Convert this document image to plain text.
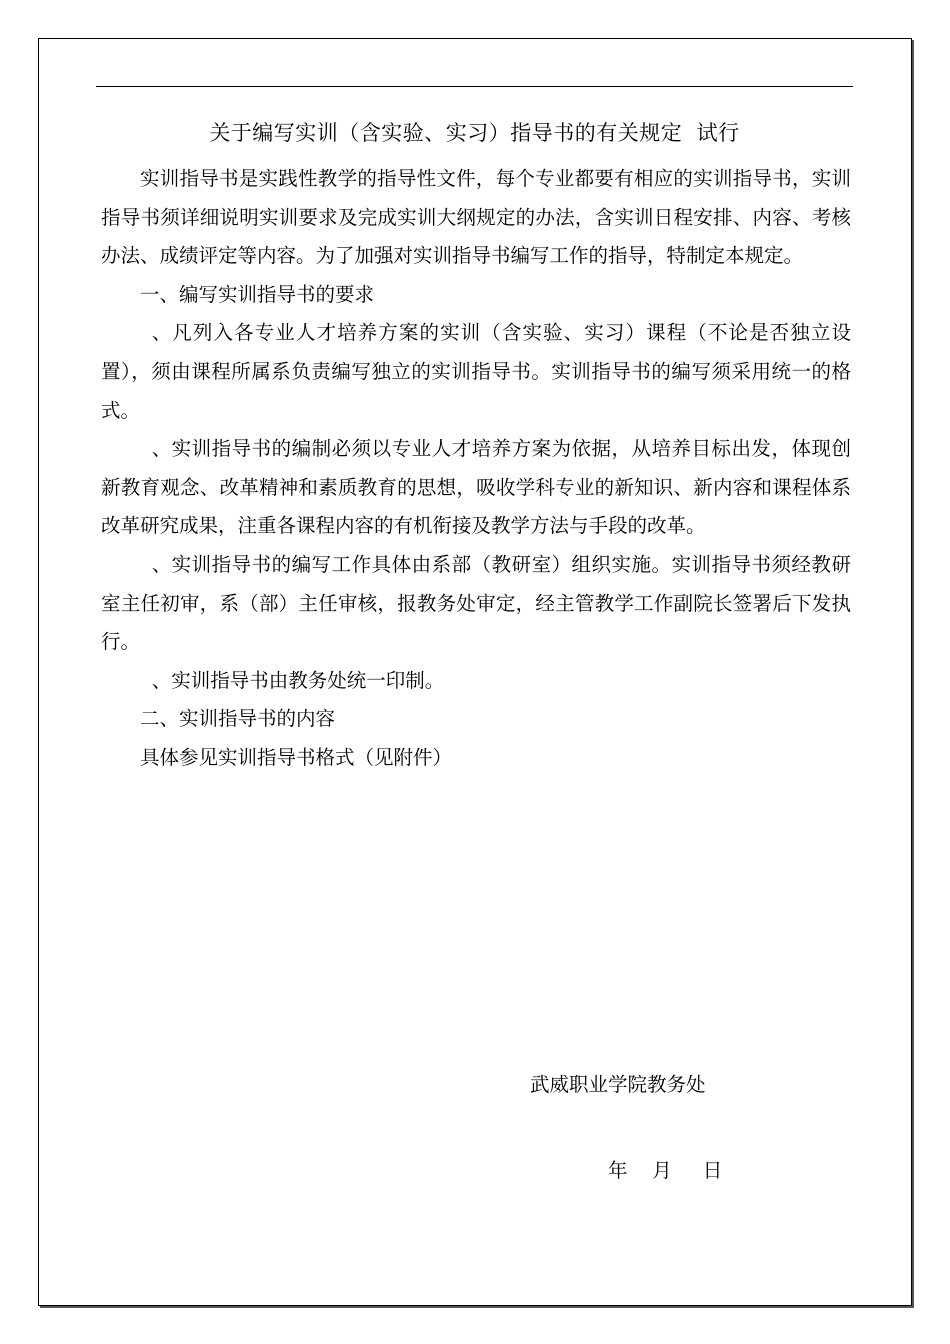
关于编写实训（含实验、实习）指导书的有关规定  试行

实训指导书是实践性教学的指导性文件，每个专业都要有相应的实训指导书，实训指导书须详细说明实训要求及完成实训大纲规定的办法，含实训日程安排、内容、考核办法、成绩评定等内容。为了加强对实训指导书编写工作的指导，特制定本规定。

一、编写实训指导书的要求

、凡列入各专业人才培养方案的实训（含实验、实习）课程（不论是否独立设置），须由课程所属系负责编写独立的实训指导书。实训指导书的编写须采用统一的格式。

、实训指导书的编制必须以专业人才培养方案为依据，从培养目标出发，体现创新教育观念、改革精神和素质教育的思想，吸收学科专业的新知识、新内容和课程体系改革研究成果，注重各课程内容的有机衔接及教学方法与手段的改革。

、实训指导书的编写工作具体由系部（教研室）组织实施。实训指导书须经教研室主任初审，系（部）主任审核，报教务处审定，经主管教学工作副院长签署后下发执行。

、实训指导书由教务处统一印制。

二、实训指导书的内容

具体参见实训指导书格式（见附件）

武威职业学院教务处
年    月     日
